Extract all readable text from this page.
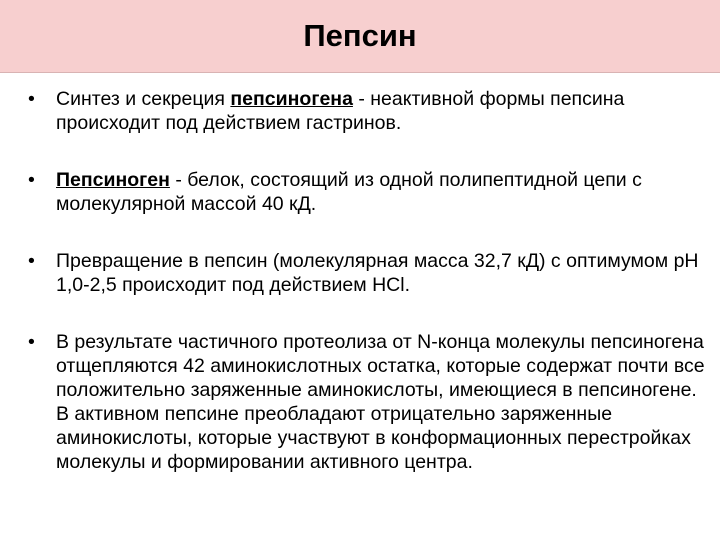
Пепсин

• Синтез и секреция пепсиногена - неактивной формы пепсина происходит под действием гастринов.

• Пепсиноген - белок, состоящий из одной полипептидной цепи с молекулярной массой 40 кД.

• Превращение в пепсин (молекулярная масса 32,7 кД) с оптимумом рН 1,0-2,5 происходит под действием HCl.

• В результате частичного протеолиза от N-конца молекулы пепсиногена отщепляются 42 аминокислотных остатка, которые содержат почти все положительно заряженные аминокислоты, имеющиеся в пепсиногене. В активном пепсине преобладают отрицательно заряженные аминокислоты, которые участвуют в конформационных перестройках молекулы и формировании активного центра.
